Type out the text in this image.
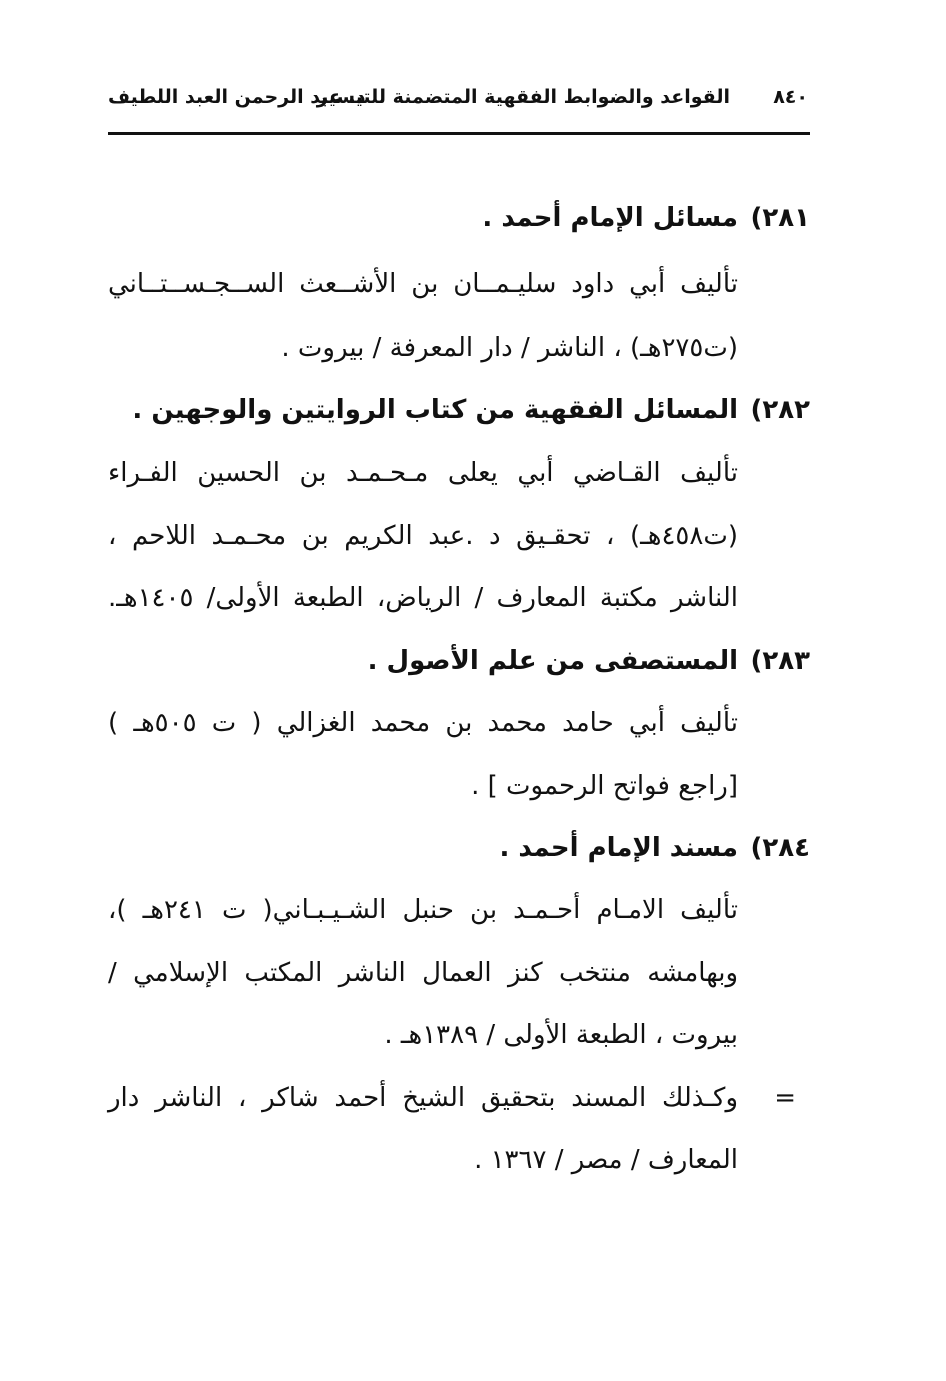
٨٤٠
القواعد والضوابط الفقهية المتضمنة للتيسير
د. عبد الرحمن العبد اللطيف
٢٨١)
مسائل الإمام أحمد .
تأليف أبي داود سليـمــان بن الأشــعث الســجـســتــاني
(ت٢٧٥هـ) ، الناشر / دار المعرفة / بيروت .
٢٨٢)
المسائل الفقهية من كتاب الروايتين والوجهين .
تأليف القـاضي أبي يعلى مـحـمـد بن الحسين الفـراء
(ت٤٥٨هـ) ، تحقـيق د .عبد الكريم بن محـمـد اللاحم ،
الناشر مكتبة المعارف / الرياض، الطبعة الأولى/ ١٤٠٥هـ.
٢٨٣)
المستصفى من علم الأصول .
تأليف أبي حامد محمد بن محمد الغزالي ( ت ٥٠٥هـ )
[راجع فواتح الرحموت ] .
٢٨٤)
مسند الإمام أحمد .
تأليف الامـام أحـمـد بن حنبل الشـيـبـاني( ت ٢٤١هـ )،
وبهامشه منتخب كنز العمال الناشر المكتب الإسلامي /
بيروت ، الطبعة الأولى / ١٣٨٩هـ .
=
وكـذلك المسند بتحقيق الشيخ أحمد شاكر ، الناشر دار
المعارف / مصر / ١٣٦٧ .
